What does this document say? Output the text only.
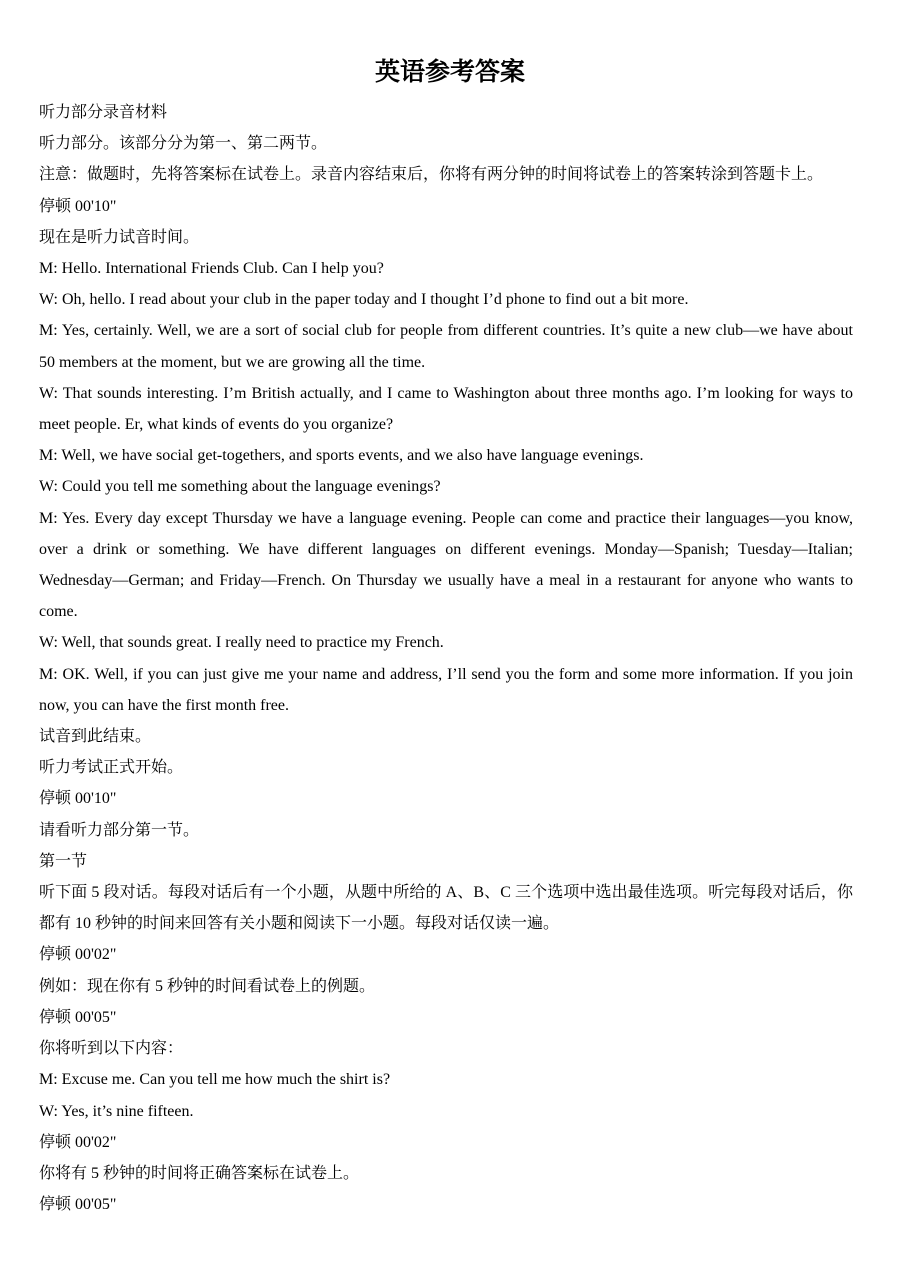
英语参考答案

听力部分录音材料

听力部分。该部分分为第一、第二两节。

注意：做题时，先将答案标在试卷上。录音内容结束后，你将有两分钟的时间将试卷上的答案转涂到答题卡上。

停顿 00'10"

现在是听力试音时间。

M: Hello. International Friends Club. Can I help you?

W: Oh, hello. I read about your club in the paper today and I thought I’d phone to find out a bit more.

M: Yes, certainly. Well, we are a sort of social club for people from different countries. It’s quite a new club—we have about 50 members at the moment, but we are growing all the time.

W: That sounds interesting. I’m British actually, and I came to Washington about three months ago. I’m looking for ways to meet people. Er, what kinds of events do you organize?

M: Well, we have social get-togethers, and sports events, and we also have language evenings.

W: Could you tell me something about the language evenings?

M: Yes. Every day except Thursday we have a language evening. People can come and practice their languages—you know, over a drink or something. We have different languages on different evenings. Monday—Spanish; Tuesday—Italian; Wednesday—German; and Friday—French. On Thursday we usually have a meal in a restaurant for anyone who wants to come.

W: Well, that sounds great. I really need to practice my French.

M: OK. Well, if you can just give me your name and address, I’ll send you the form and some more information. If you join now, you can have the first month free.

试音到此结束。

听力考试正式开始。

停顿 00'10"

请看听力部分第一节。

第一节

听下面 5 段对话。每段对话后有一个小题，从题中所给的 A、B、C 三个选项中选出最佳选项。听完每段对话后，你都有 10 秒钟的时间来回答有关小题和阅读下一小题。每段对话仅读一遍。

停顿 00'02"

例如：现在你有 5 秒钟的时间看试卷上的例题。

停顿 00'05"

你将听到以下内容：

M: Excuse me. Can you tell me how much the shirt is?

W: Yes, it’s nine fifteen.

停顿 00'02"

你将有 5 秒钟的时间将正确答案标在试卷上。

停顿 00'05"
